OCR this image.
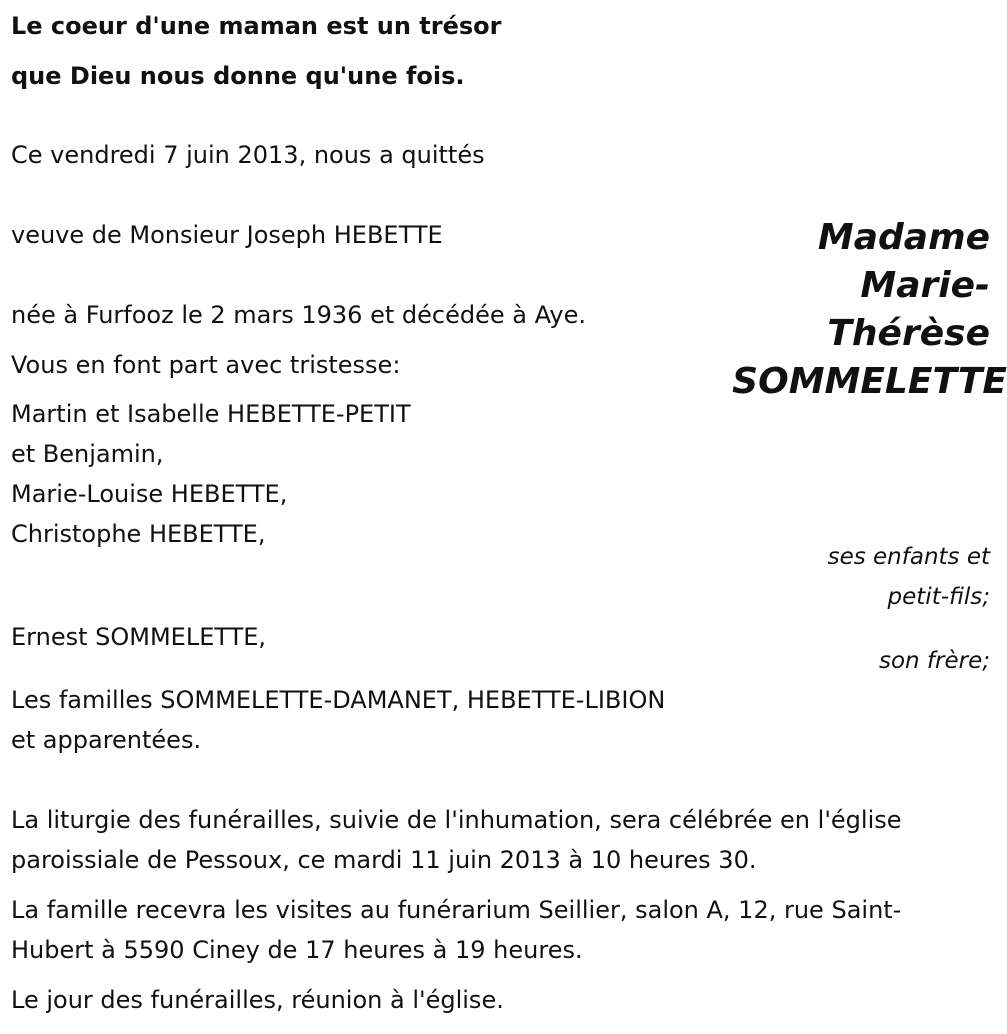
Le coeur d'une maman est un trésor
que Dieu nous donne qu'une fois.
Ce vendredi 7 juin 2013, nous a quittés
Madame
Marie-
Thérèse
SOMMELETTE
veuve de Monsieur Joseph HEBETTE
née à Furfooz le 2 mars 1936 et décédée à Aye.
Vous en font part avec tristesse:
Martin et Isabelle HEBETTE-PETIT
et Benjamin,
Marie-Louise HEBETTE,
Christophe HEBETTE,
ses enfants et
petit-fils;
Ernest SOMMELETTE,
son frère;
Les familles SOMMELETTE-DAMANET, HEBETTE-LIBION
et apparentées.
La liturgie des funérailles, suivie de l'inhumation, sera célébrée en l'église
paroissiale de Pessoux, ce mardi 11 juin 2013 à 10 heures 30.
La famille recevra les visites au funérarium Seillier, salon A, 12, rue Saint-
Hubert à 5590 Ciney de 17 heures à 19 heures.
Le jour des funérailles, réunion à l'église.
